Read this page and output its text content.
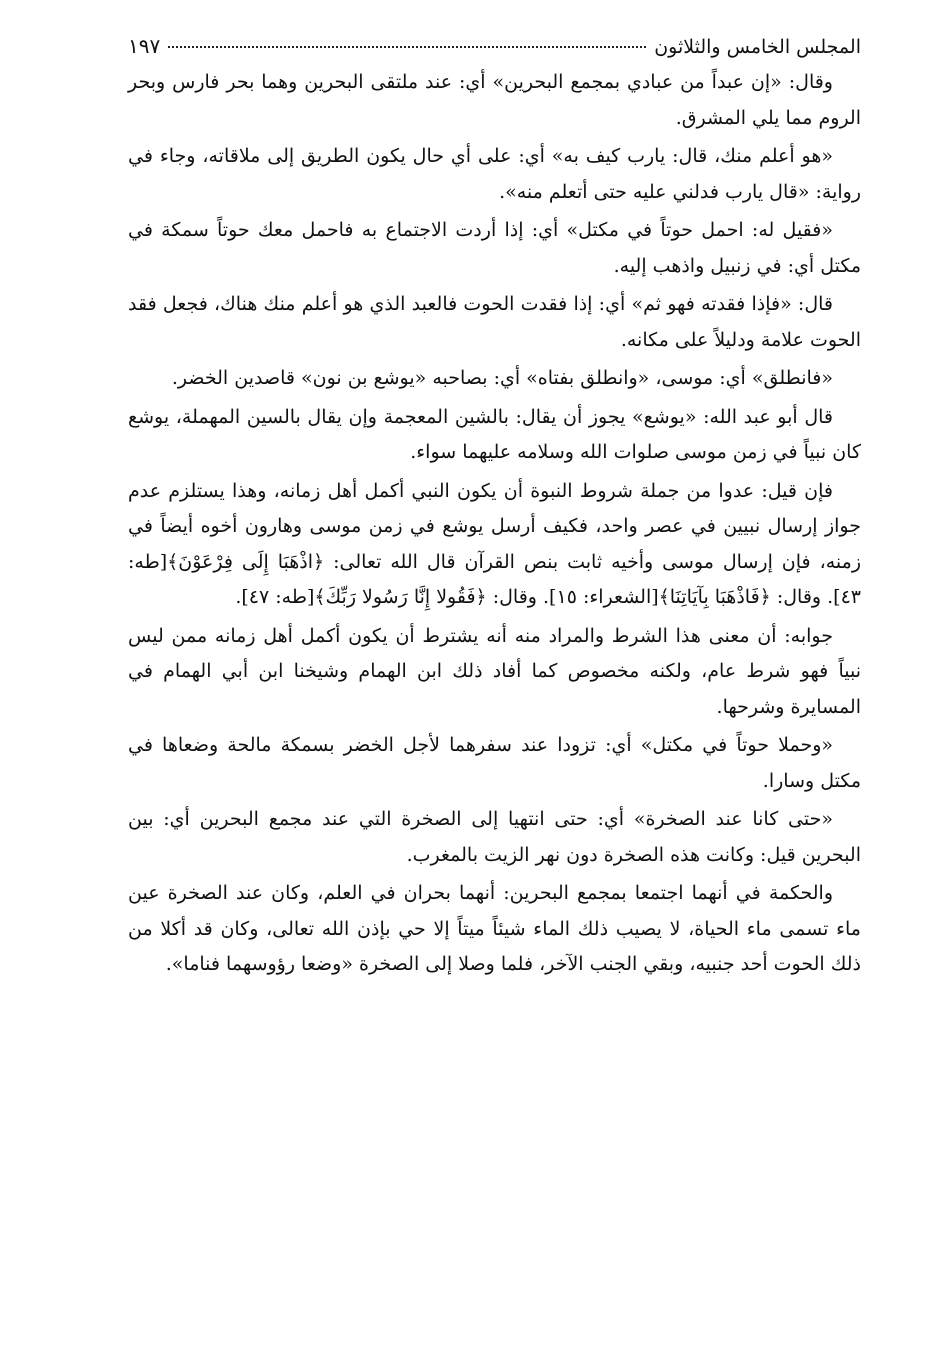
المجلس الخامس والثلاثون
١٩٧

وقال: «إن عبداً من عبادي بمجمع البحرين» أي: عند ملتقى البحرين وهما بحر فارس وبحر الروم مما يلي المشرق.

«هو أعلم منك، قال: يارب كيف به» أي: على أي حال يكون الطريق إلى ملاقاته، وجاء في رواية: «قال يارب فدلني عليه حتى أتعلم منه».

«فقيل له: احمل حوتاً في مكتل» أي: إذا أردت الاجتماع به فاحمل معك حوتاً سمكة في مكتل أي: في زنبيل واذهب إليه.

قال: «فإذا فقدته فهو ثم» أي: إذا فقدت الحوت فالعبد الذي هو أعلم منك هناك، فجعل فقد الحوت علامة ودليلاً على مكانه.

«فانطلق» أي: موسى، «وانطلق بفتاه» أي: بصاحبه «يوشع بن نون» قاصدين الخضر.

قال أبو عبد الله: «يوشع» يجوز أن يقال: بالشين المعجمة وإن يقال بالسين المهملة، يوشع كان نبياً في زمن موسى صلوات الله وسلامه عليهما سواء.

فإن قيل: عدوا من جملة شروط النبوة أن يكون النبي أكمل أهل زمانه، وهذا يستلزم عدم جواز إرسال نبيين في عصر واحد، فكيف أرسل يوشع في زمن موسى وهارون أخوه أيضاً في زمنه، فإن إرسال موسى وأخيه ثابت بنص القرآن قال الله تعالى: ﴿اذْهَبَا إِلَى فِرْعَوْنَ﴾[طه: ٤٣]. وقال: ﴿فَاذْهَبَا بِآيَاتِنَا﴾[الشعراء: ١٥]. وقال: ﴿فَقُولا إِنَّا رَسُولا رَبِّكَ﴾[طه: ٤٧].

جوابه: أن معنى هذا الشرط والمراد منه أنه يشترط أن يكون أكمل أهل زمانه ممن ليس نبياً فهو شرط عام، ولكنه مخصوص كما أفاد ذلك ابن الهمام وشيخنا ابن أبي الهمام في المسايرة وشرحها.

«وحملا حوتاً في مكتل» أي: تزودا عند سفرهما لأجل الخضر بسمكة مالحة وضعاها في مكتل وسارا.

«حتى كانا عند الصخرة» أي: حتى انتهيا إلى الصخرة التي عند مجمع البحرين أي: بين البحرين قيل: وكانت هذه الصخرة دون نهر الزيت بالمغرب.

والحكمة في أنهما اجتمعا بمجمع البحرين: أنهما بحران في العلم، وكان عند الصخرة عين ماء تسمى ماء الحياة، لا يصيب ذلك الماء شيئاً ميتاً إلا حي بإذن الله تعالى، وكان قد أكلا من ذلك الحوت أحد جنبيه، وبقي الجنب الآخر، فلما وصلا إلى الصخرة «وضعا رؤوسهما فناما».
